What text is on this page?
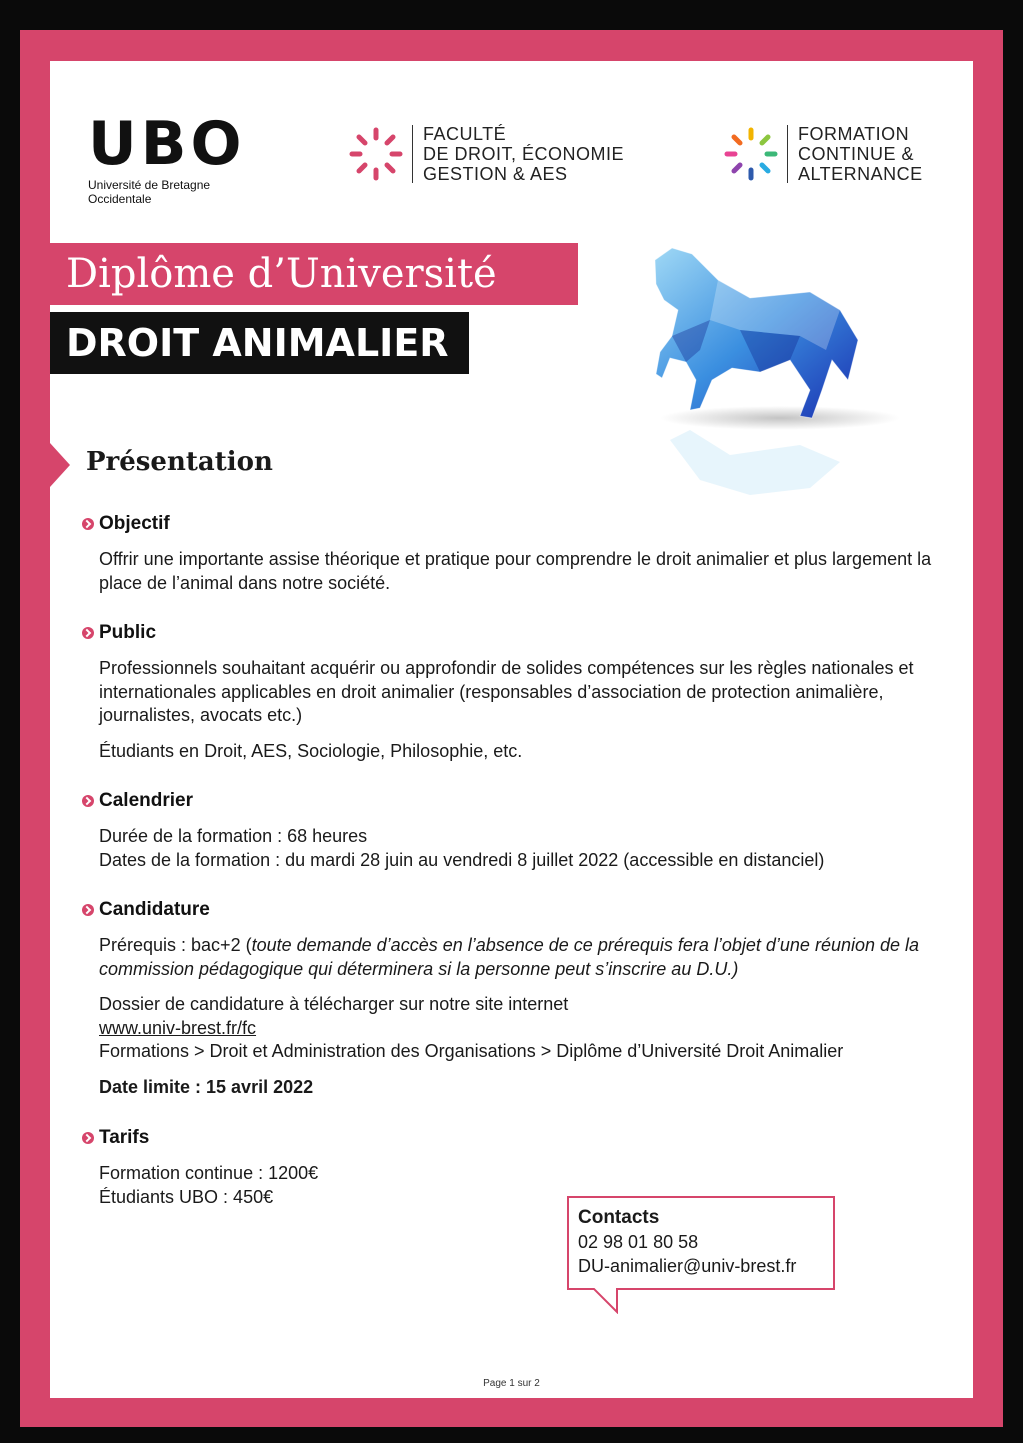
UBO
Université de Bretagne Occidentale
FACULTÉ
DE DROIT, ÉCONOMIE
GESTION & AES
FORMATION
CONTINUE &
ALTERNANCE
Diplôme d’Université
DROIT ANIMALIER
Présentation
Objectif
Offrir une importante assise théorique et pratique pour comprendre le droit animalier et plus largement la place de l’animal dans notre société.
Public
Professionnels souhaitant acquérir ou approfondir de solides compétences sur les règles nationales et internationales applicables en droit animalier (responsables d’association de protection animalière, journalistes, avocats etc.)
Étudiants en Droit, AES, Sociologie, Philosophie, etc.
Calendrier
Durée de la formation : 68 heures
Dates de la formation : du mardi 28 juin au vendredi 8 juillet 2022 (accessible en distanciel)
Candidature
Prérequis : bac+2 (toute demande d’accès en l’absence de ce prérequis fera l’objet d’une réunion de la commission pédagogique qui déterminera si la personne peut s’inscrire au D.U.)
Dossier de candidature à télécharger sur notre site internet
www.univ-brest.fr/fc
Formations > Droit et Administration des Organisations > Diplôme d’Université Droit Animalier
Date limite : 15 avril 2022
Tarifs
Formation continue : 1200€
Étudiants UBO : 450€
Contacts
02 98 01 80 58
DU-animalier@univ-brest.fr
Page 1 sur 2
